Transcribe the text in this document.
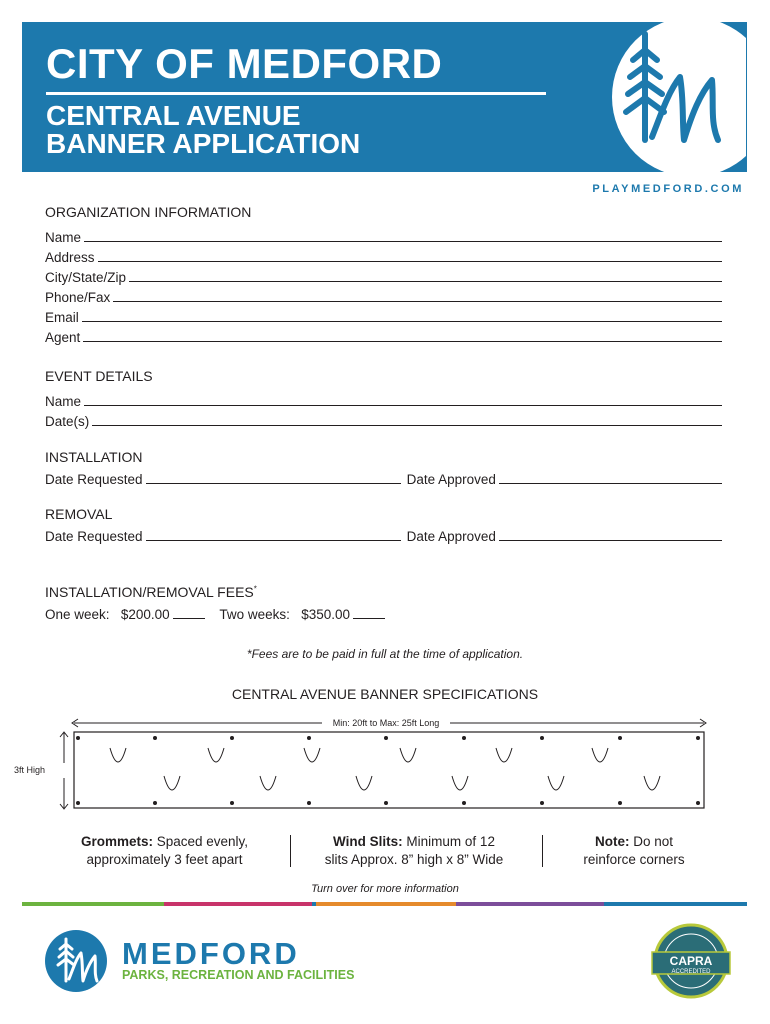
CITY OF MEDFORD
CENTRAL AVENUE
BANNER APPLICATION
PLAYMEDFORD.COM
ORGANIZATION INFORMATION
Name
Address
City/State/Zip
Phone/Fax
Email
Agent
EVENT DETAILS
Name
Date(s)
INSTALLATION
Date Requested	Date Approved
REMOVAL
Date Requested	Date Approved
INSTALLATION/REMOVAL FEES*
One week: $200.00	Two weeks: $350.00
*Fees are to be paid in full at the time of application.
CENTRAL AVENUE BANNER SPECIFICATIONS
Min: 20ft to Max: 25ft Long
3ft High
Grommets: Spaced evenly,
approximately 3 feet apart
Wind Slits: Minimum of 12
slits Approx. 8” high x 8” Wide
Note: Do not
reinforce corners
Turn over for more information
MEDFORD
PARKS, RECREATION AND FACILITIES
CAPRA
ACCREDITED
